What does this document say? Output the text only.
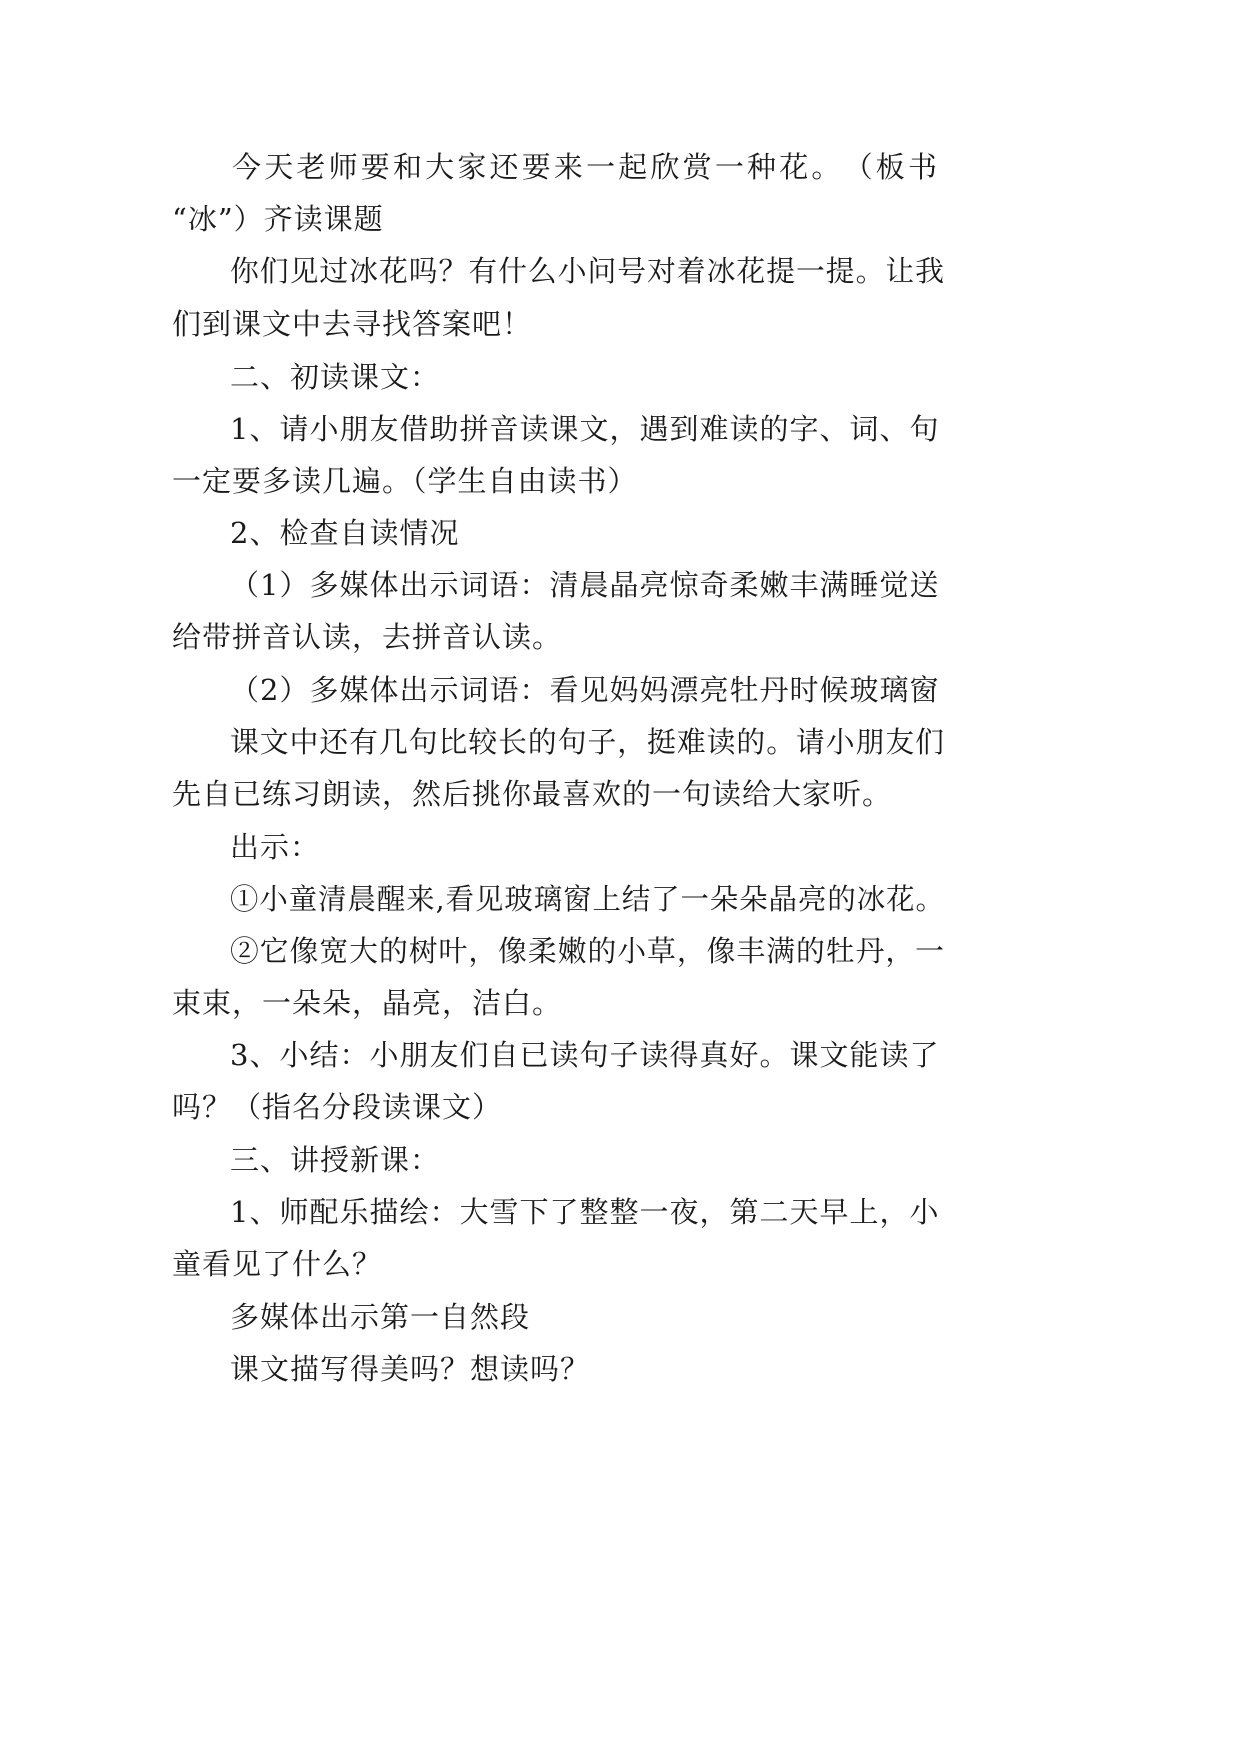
今 天 老 师 要 和 大 家 还 要 来 一 起 欣 赏 一 种 花 。 （ 板 书
“冰”）齐读课题
你们见过冰花吗？有什么小问号对着冰花提一提。让我
们到课文中去寻找答案吧！
二、初读课文：
1、请小朋友借助拼音读课文，遇到难读的字、词、句
一定要多读几遍。（学生自由读书）
2、检查自读情况
（1）多媒体出示词语：清晨晶亮惊奇柔嫩丰满睡觉送
给带拼音认读，去拼音认读。
（2）多媒体出示词语：看见妈妈漂亮牡丹时候玻璃窗
课文中还有几句比较长的句子，挺难读的。请小朋友们
先自已练习朗读，然后挑你最喜欢的一句读给大家听。
出示：
①小童清晨醒来,看见玻璃窗上结了一朵朵晶亮的冰花。
②它像宽大的树叶，像柔嫩的小草，像丰满的牡丹，一
束束，一朵朵，晶亮，洁白。
3、小结：小朋友们自已读句子读得真好。课文能读了
吗？（指名分段读课文）
三、讲授新课：
1、师配乐描绘：大雪下了整整一夜，第二天早上，小
童看见了什么？
多媒体出示第一自然段
课文描写得美吗？想读吗？
